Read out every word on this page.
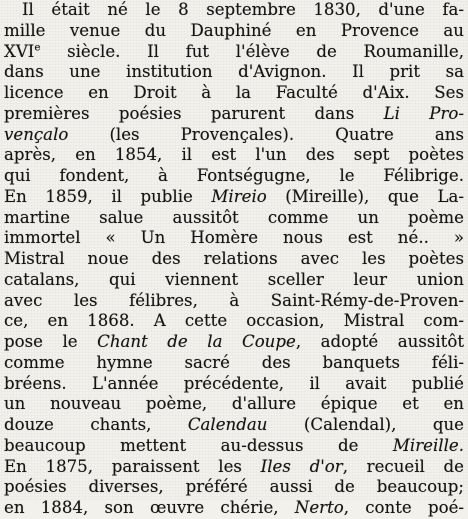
Il était né le 8 septembre 1830, d'une fa-
mille venue du Dauphiné en Provence au
XVIe siècle. Il fut l'élève de Roumanille,
dans une institution d'Avignon. Il prit sa
licence en Droit à la Faculté d'Aix. Ses
premières poésies parurent dans Li Pro-
vençalo (les Provençales). Quatre ans
après, en 1854, il est l'un des sept poètes
qui fondent, à Fontségugne, le Félibrige.
En 1859, il publie Mireio (Mireille), que La-
martine salue aussitôt comme un poème
immortel « Un Homère nous est né.. »
Mistral noue des relations avec les poètes
catalans, qui viennent sceller leur union
avec les félibres, à Saint-Rémy-de-Proven-
ce, en 1868. A cette occasion, Mistral com-
pose le Chant de la Coupe, adopté aussitôt
comme hymne sacré des banquets féli-
bréens. L'année précédente, il avait publié
un nouveau poème, d'allure épique et en
douze chants, Calendau (Calendal), que
beaucoup mettent au-dessus de Mireille.
En 1875, paraissent les Iles d'or, recueil de
poésies diverses, préféré aussi de beaucoup;
en 1884, son œuvre chérie, Nerto, conte poé-
